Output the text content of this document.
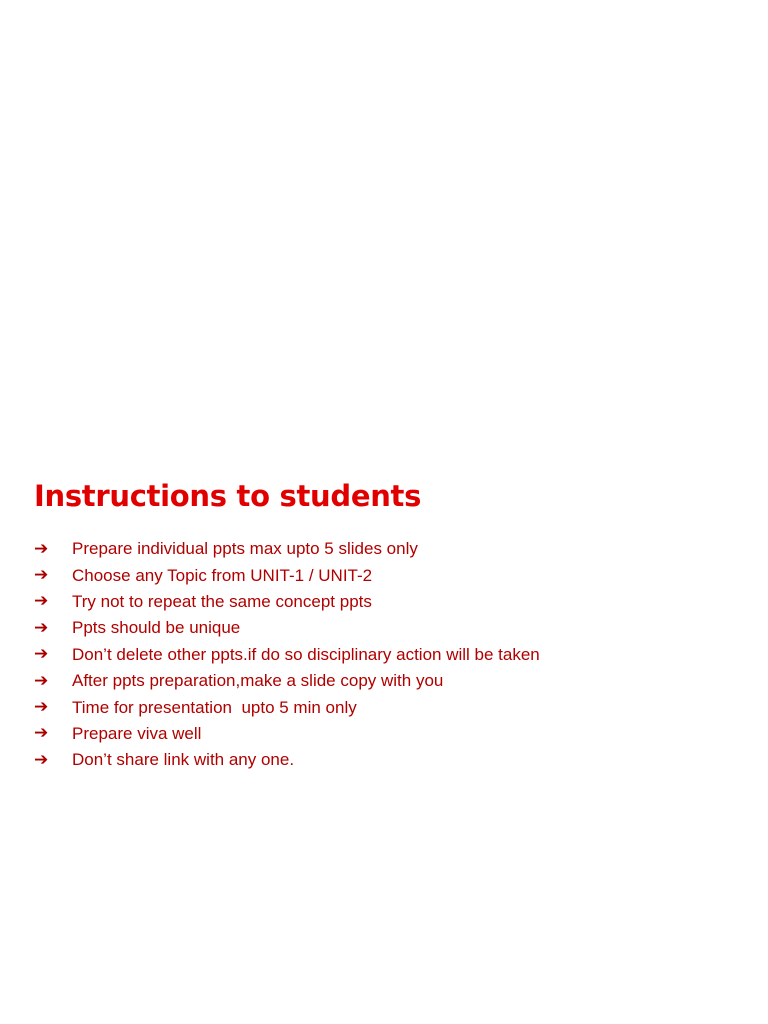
Instructions to students
➔	Prepare individual ppts max upto 5 slides only
➔	Choose any Topic from UNIT-1 / UNIT-2
➔	Try not to repeat the same concept ppts
➔	Ppts should be unique
➔	Don’t delete other ppts.if do so disciplinary action will be taken
➔	After ppts preparation,make a slide copy with you
➔	Time for presentation  upto 5 min only
➔	Prepare viva well
➔	Don’t share link with any one.
